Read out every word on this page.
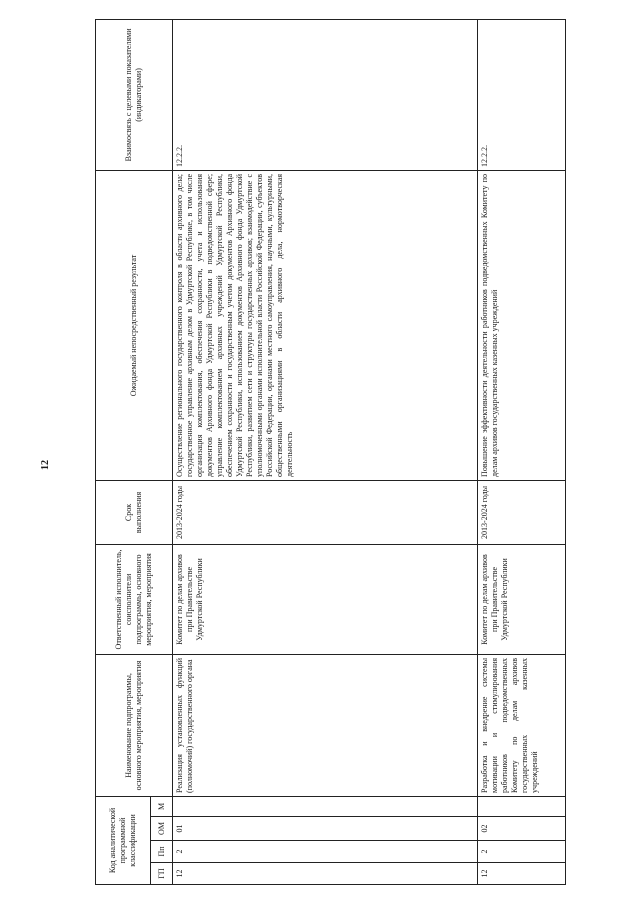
12
Код аналитической программной классификации				Наименование подпрограммы, основного мероприятия, мероприятия	Ответственный исполнитель, соисполнители подпрограммы, основного мероприятия, мероприятия	Срок выполнения	Ожидаемый непосредственный результат	Взаимосвязь с целевыми показателями (индикаторами)
ГП	Пп	ОМ	М					
12	2	01		Реализация установленных функций (полномочий) государственного органа	Комитет по делам архивов при Правительстве Удмуртской Республики	2013-2024 годы	Осуществление регионального государственного контроля в области архивного дела; государственное управление архивным делом в Удмуртской Республике, в том числе организация комплектования, обеспечения сохранности, учета и использования документов Архивного фонда Удмуртской Республики в подведомственной сфере; управление комплектованием архивных учреждений Удмуртской Республики, обеспечением сохранности и государственным учетом документов Архивного фонда Удмуртской Республики, использованием документов Архивного фонда Удмуртской Республики, развитием сети и структуры государственных архивов; взаимодействие с уполномоченными органами исполнительной власти Российской Федерации, субъектов Российской Федерации, органами местного самоуправления, научными, культурными, общественными организациями в области архивного дела, нормотворческая деятельность	12.2.2.
12	2	02		Разработка и внедрение системы мотивации и стимулирования работников подведомственных Комитету по делам архивов государственных казенных учреждений	Комитет по делам архивов при Правительстве Удмуртской Республики	2013-2024 годы	Повышение эффективности деятельности работников подведомственных Комитету по делам архивов государственных казенных учреждений	12.2.2.
